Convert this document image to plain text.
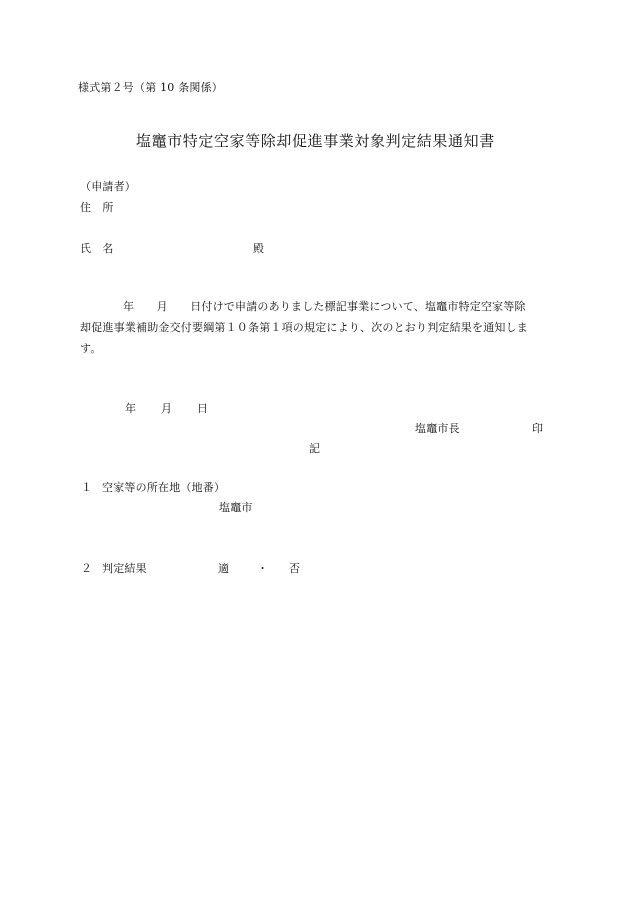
様式第２号（第 10 条関係）
塩竈市特定空家等除却促進事業対象判定結果通知書
（申請者）
住　所
氏　名	殿
年　　月　　日付けで申請のありました標記事業について、塩竈市特定空家等除
却促進事業補助金交付要綱第１０条第１項の規定により、次のとおり判定結果を通知しま
す。
年 月 日
塩竈市長	印
記
１ 空家等の所在地（地番）
塩竈市
２ 判定結果	適	・ 否
